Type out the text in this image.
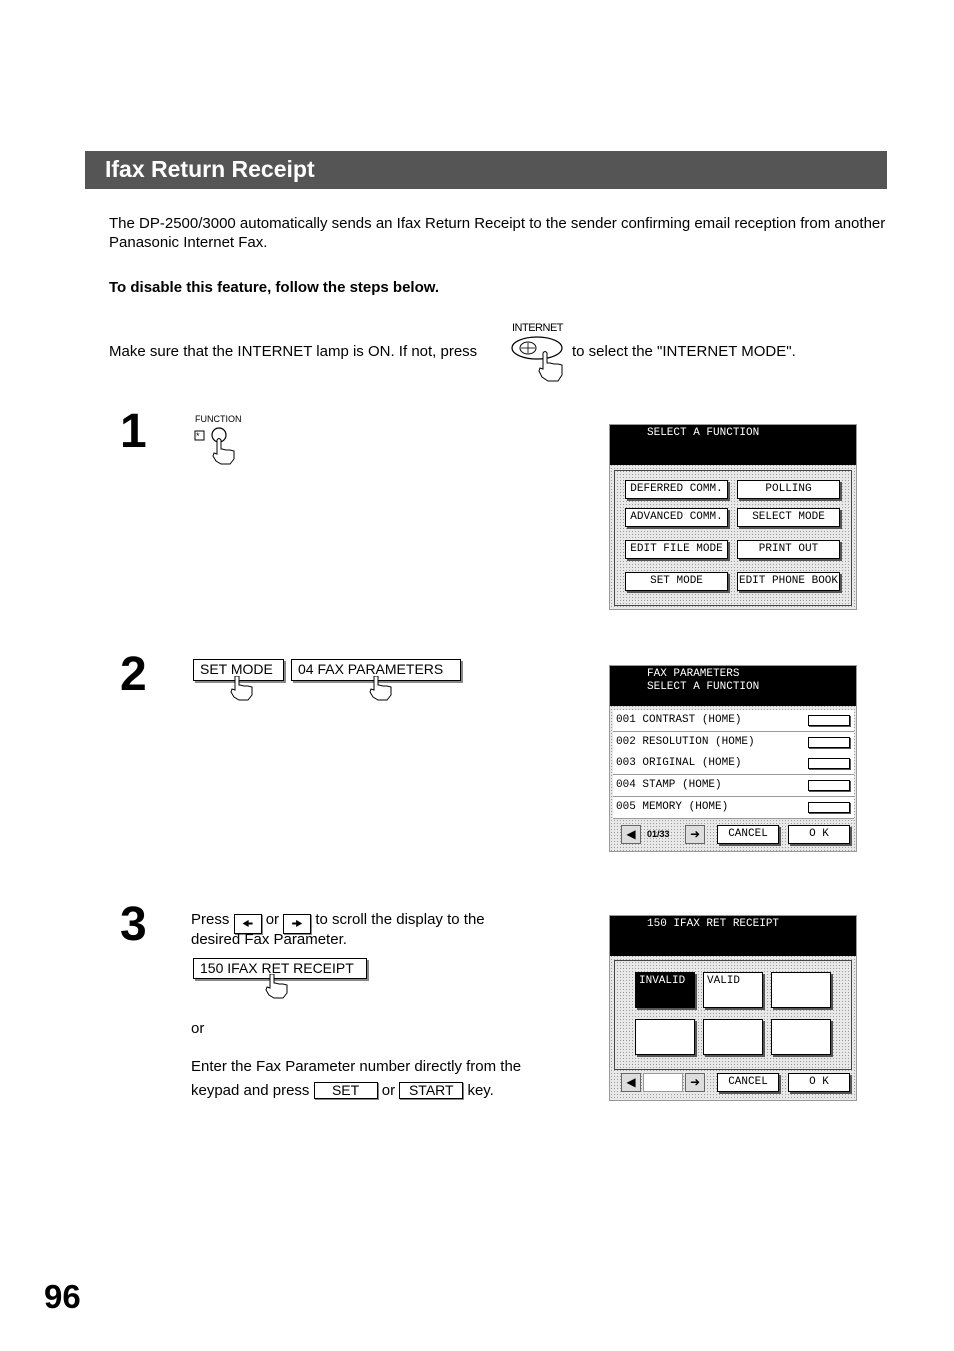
Ifax Return Receipt
The DP-2500/3000 automatically sends an Ifax Return Receipt to the sender confirming email reception from another Panasonic Internet Fax.
To disable this feature, follow the steps below.
Make sure that the INTERNET lamp is ON. If not, press
INTERNET
to select the "INTERNET MODE".
1	FUNCTION
*	SELECT A FUNCTION
DEFERRED COMM.	POLLING
ADVANCED COMM.	SELECT MODE
EDIT FILE MODE	PRINT OUT
SET MODE	EDIT PHONE BOOK
2	SET MODE 04 FAX PARAMETERS	FAX PARAMETERS
SELECT A FUNCTION
001 CONTRAST (HOME)
002 RESOLUTION (HOME)
003 ORIGINAL (HOME)
004 STAMP (HOME)
005 MEMORY (HOME)
◀	01/33	➜	CANCEL	O K
3	Press 🠜 or 🠞 to scroll the display to the
desired Fax Parameter.
150 IFAX RET RECEIPT
or
Enter the Fax Parameter number directly from the
keypad and press SET or START key.
150 IFAX RET RECEIPT
INVALID VALID
◀	➜	CANCEL	O K
96
